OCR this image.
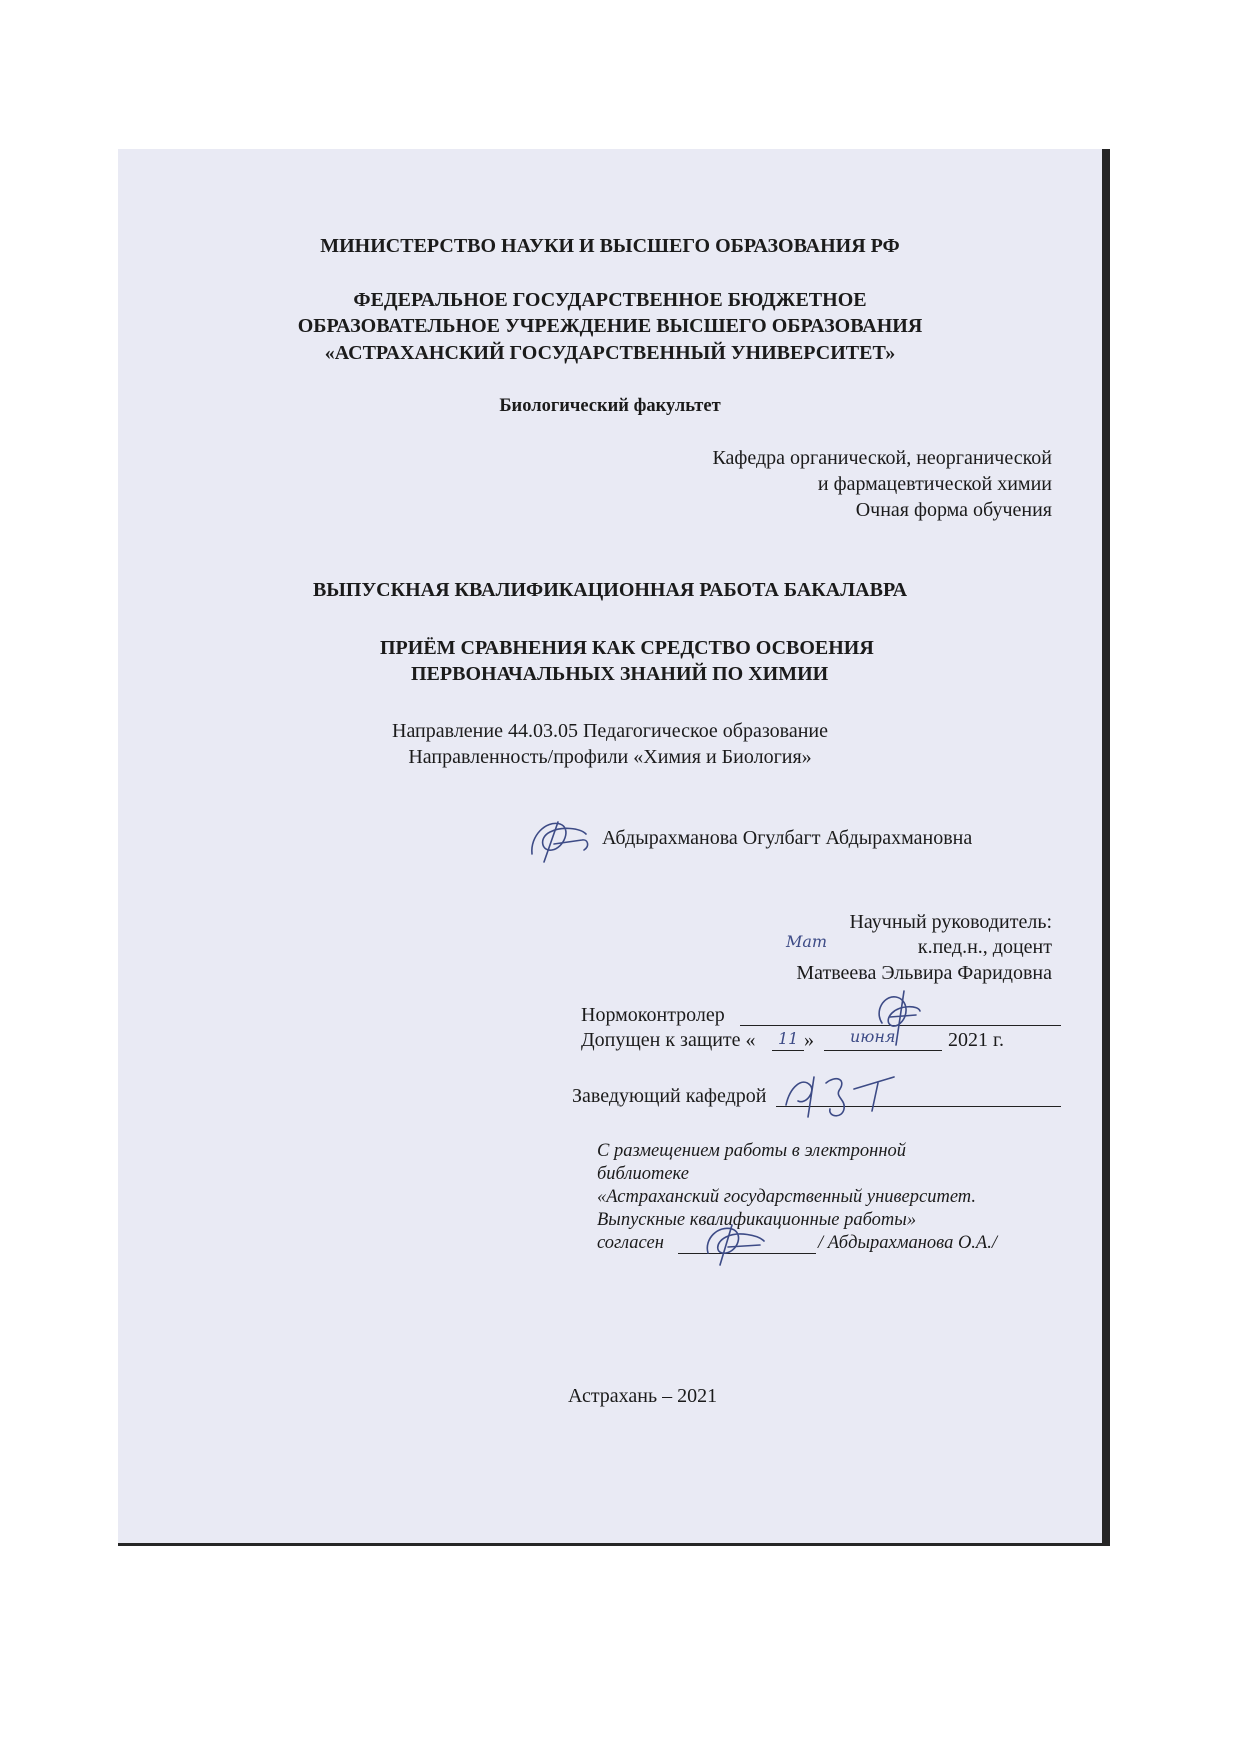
МИНИСТЕРСТВО НАУКИ И ВЫСШЕГО ОБРАЗОВАНИЯ РФ

ФЕДЕРАЛЬНОЕ ГОСУДАРСТВЕННОЕ БЮДЖЕТНОЕ

ОБРАЗОВАТЕЛЬНОЕ УЧРЕЖДЕНИЕ ВЫСШЕГО ОБРАЗОВАНИЯ

«АСТРАХАНСКИЙ ГОСУДАРСТВЕННЫЙ УНИВЕРСИТЕТ»

Биологический факультет

Кафедра органической, неорганической

и фармацевтической химии

Очная форма обучения

ВЫПУСКНАЯ КВАЛИФИКАЦИОННАЯ РАБОТА БАКАЛАВРА

ПРИЁМ СРАВНЕНИЯ КАК СРЕДСТВО ОСВОЕНИЯ

ПЕРВОНАЧАЛЬНЫХ ЗНАНИЙ ПО ХИМИИ

Направление 44.03.05 Педагогическое образование

Направленность/профили «Химия и Биология»

Абдырахманова Огулбагт Абдырахмановна

Научный руководитель:

Мат	к.пед.н., доцент

Матвеева Эльвира Фаридовна

Нормоконтролер

Допущен к защите « 11 » июня	2021 г.

Заведующий кафедрой

С размещением работы в электронной

библиотеке

«Астраханский государственный университет.

Выпускные квалификационные работы»

согласен	/ Абдырахманова О.А./

Астрахань – 2021
